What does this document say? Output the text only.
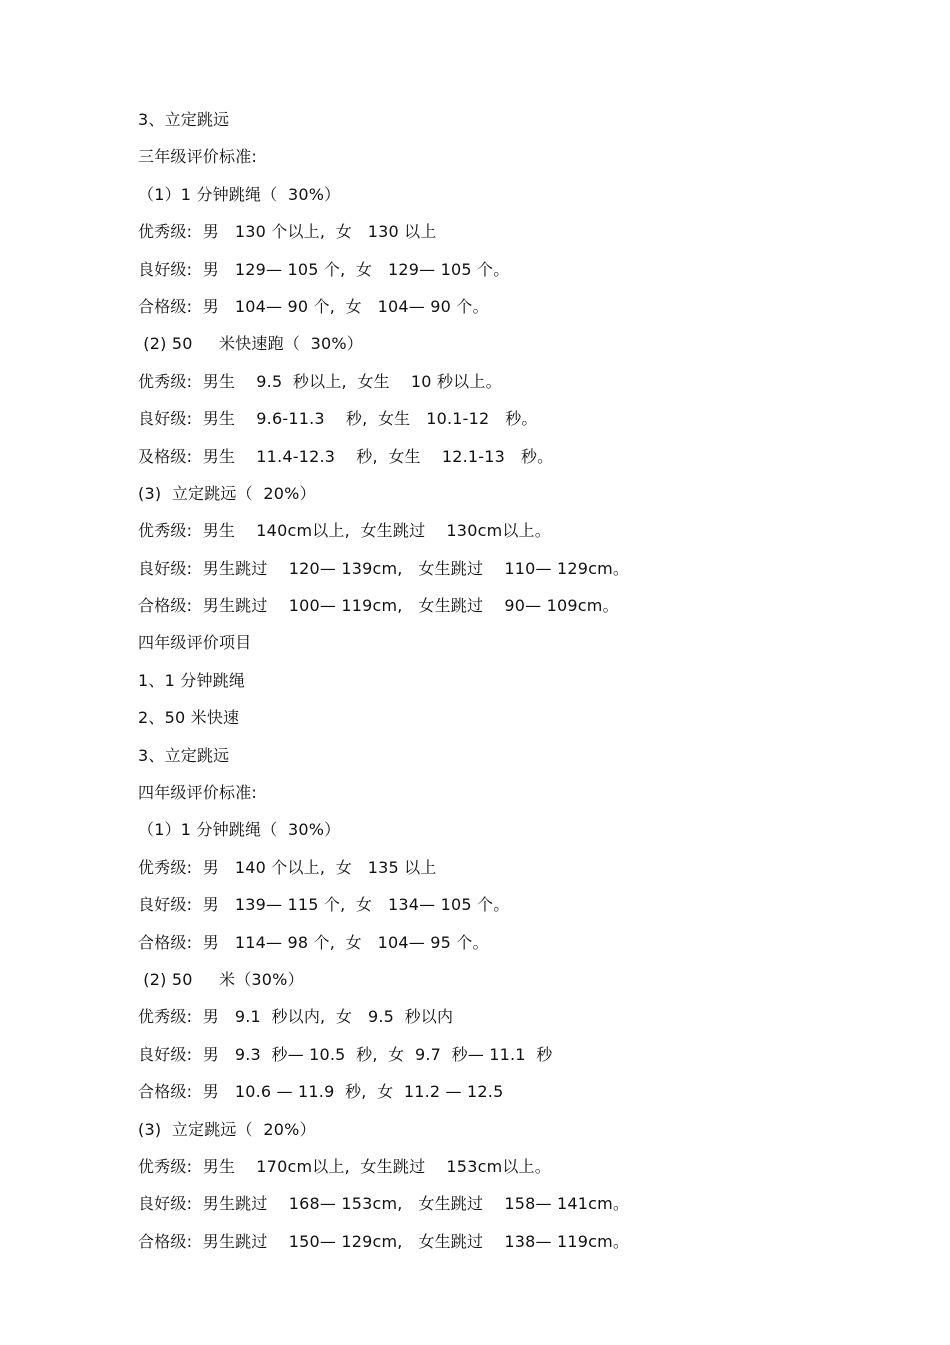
3、立定跳远
三年级评价标准:
（1）1 分钟跳绳（  30%）
优秀级:  男   130 个以上,  女   130 以上
良好级:  男   129— 105 个,  女   129— 105 个。
合格级:  男   104— 90 个,  女   104— 90 个。
(2) 50     米快速跑（  30%）
优秀级:  男生    9.5  秒以上,  女生    10 秒以上。
良好级:  男生    9.6-11.3    秒,  女生   10.1-12   秒。
及格级:  男生    11.4-12.3    秒,  女生    12.1-13   秒。
(3)  立定跳远（  20%）
优秀级:  男生    140cm以上,  女生跳过    130cm以上。
良好级:  男生跳过    120— 139cm,   女生跳过    110— 129cm。
合格级:  男生跳过    100— 119cm,   女生跳过    90— 109cm。
四年级评价项目
1、1 分钟跳绳
2、50 米快速
3、立定跳远
四年级评价标准:
（1）1 分钟跳绳（  30%）
优秀级:  男   140 个以上,  女   135 以上
良好级:  男   139— 115 个,  女   134— 105 个。
合格级:  男   114— 98 个,  女   104— 95 个。
(2) 50     米（30%）
优秀级:  男   9.1  秒以内,  女   9.5  秒以内
良好级:  男   9.3  秒— 10.5  秒,  女  9.7  秒— 11.1  秒
合格级:  男   10.6 — 11.9  秒,  女  11.2 — 12.5
(3)  立定跳远（  20%）
优秀级:  男生    170cm以上,  女生跳过    153cm以上。
良好级:  男生跳过    168— 153cm,   女生跳过    158— 141cm。
合格级:  男生跳过    150— 129cm,   女生跳过    138— 119cm。
